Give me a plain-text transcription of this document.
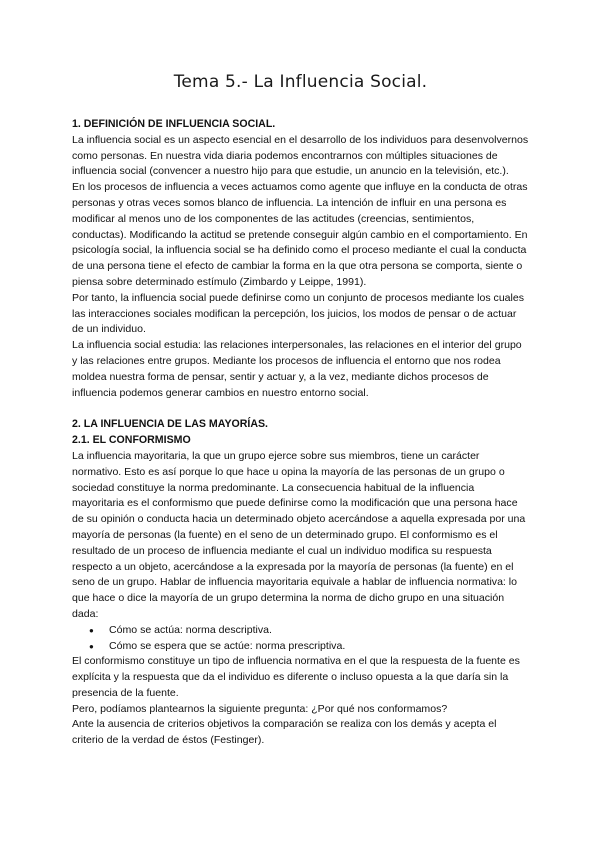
Tema 5.- La Influencia Social.
1. DEFINICIÓN DE INFLUENCIA SOCIAL.

La influencia social es un aspecto esencial en el desarrollo de los individuos para desenvolvernos como personas. En nuestra vida diaria podemos encontrarnos con múltiples situaciones de influencia social (convencer a nuestro hijo para que estudie, un anuncio en la televisión, etc.).

En los procesos de influencia a veces actuamos como agente que influye en la conducta de otras personas y otras veces somos blanco de influencia. La intención de influir en una persona es modificar al menos uno de los componentes de las actitudes (creencias, sentimientos, conductas). Modificando la actitud se pretende conseguir algún cambio en el comportamiento. En psicología social, la influencia social se ha definido como el proceso mediante el cual la conducta de una persona tiene el efecto de cambiar la forma en la que otra persona se comporta, siente o piensa sobre determinado estímulo (Zimbardo y Leippe, 1991).

Por tanto, la influencia social puede definirse como un conjunto de procesos mediante los cuales las interacciones sociales modifican la percepción, los juicios, los modos de pensar o de actuar de un individuo.

La influencia social estudia: las relaciones interpersonales, las relaciones en el interior del grupo y las relaciones entre grupos. Mediante los procesos de influencia el entorno que nos rodea moldea nuestra forma de pensar, sentir y actuar y, a la vez, mediante dichos procesos de influencia podemos generar cambios en nuestro entorno social.

2. LA INFLUENCIA DE LAS MAYORÍAS.
2.1. EL CONFORMISMO

La influencia mayoritaria, la que un grupo ejerce sobre sus miembros, tiene un carácter normativo. Esto es así porque lo que hace u opina la mayoría de las personas de un grupo o sociedad constituye la norma predominante. La consecuencia habitual de la influencia mayoritaria es el conformismo que puede definirse como la modificación que una persona hace de su opinión o conducta hacia un determinado objeto acercándose a aquella expresada por una mayoría de personas (la fuente) en el seno de un determinado grupo. El conformismo es el resultado de un proceso de influencia mediante el cual un individuo modifica su respuesta respecto a un objeto, acercándose a la expresada por la mayoría de personas (la fuente) en el seno de un grupo. Hablar de influencia mayoritaria equivale a hablar de influencia normativa: lo que hace o dice la mayoría de un grupo determina la norma de dicho grupo en una situación dada:

● Cómo se actúa: norma descriptiva.
● Cómo se espera que se actúe: norma prescriptiva.

El conformismo constituye un tipo de influencia normativa en el que la respuesta de la fuente es explícita y la respuesta que da el individuo es diferente o incluso opuesta a la que daría sin la presencia de la fuente.

Pero, podíamos plantearnos la siguiente pregunta: ¿Por qué nos conformamos?

Ante la ausencia de criterios objetivos la comparación se realiza con los demás y acepta el criterio de la verdad de éstos (Festinger).
